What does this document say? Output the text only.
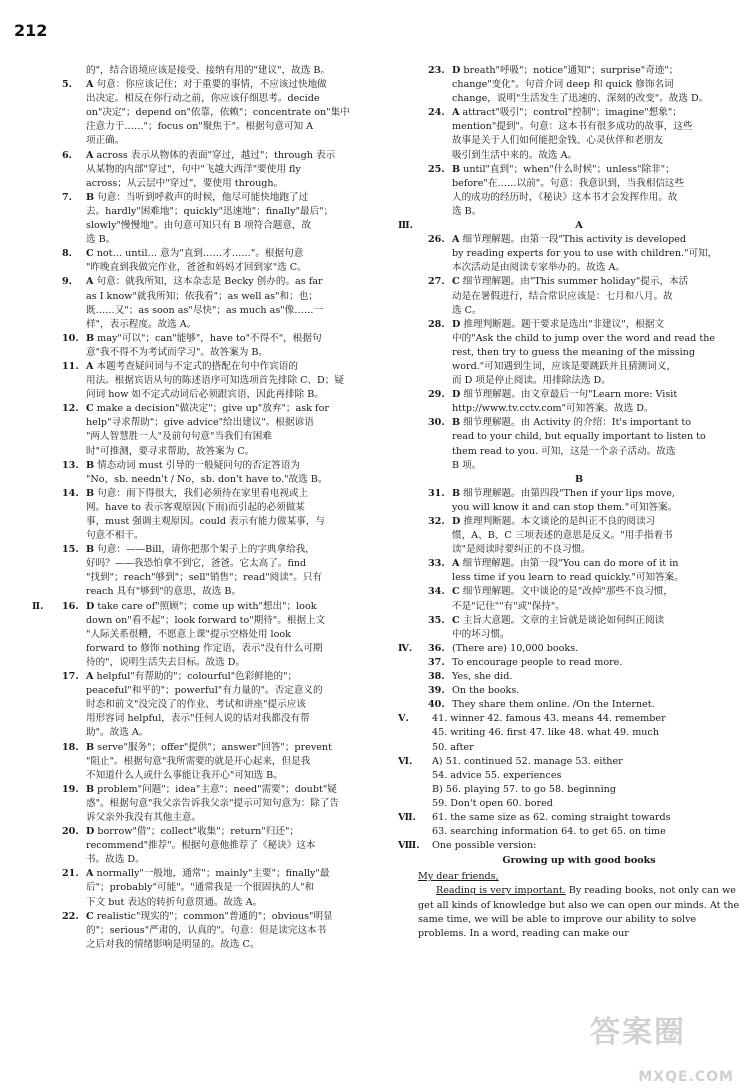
212
的"，结合语境应该是接受、接纳有用的"建议"，故选 B。
5. A 句意：你应该记住；对于重要的事情，不应该过快地做
出决定。相反在你行动之前，你应该仔细思考。decide
on"决定"；depend on"依靠，依赖"；concentrate on"集中
注意力于……"；focus on"聚焦于"。根据句意可知 A
项正确。
6. A across 表示从物体的表面"穿过，越过"；through 表示
从某物的内部"穿过"，句中"飞越大西洋"要使用 fly
across；从云层中"穿过"，要使用 through。
7. B 句意：当听到呼救声的时候，他尽可能快地跑了过
去。hardly"困难地"；quickly"迅速地"；finally"最后"；
slowly"慢慢地"。由句意可知只有 B 项符合题意，故
选 B。
8. C not… until… 意为"直到……才……"。根据句意
"昨晚直到我做完作业，爸爸和妈妈才回到家"选 C。
9. A 句意：就我所知，这本杂志是 Becky 创办的。as far
as I know"就我所知；依我看"；as well as"和；也；
既……又"；as soon as"尽快"；as much as"像……一
样"，表示程度。故选 A。
10. B may"可以"；can"能够"，have to"不得不"，根据句
意"我不得不为考试而学习"。故答案为 B。
11. A 本题考查疑问词与不定式的搭配在句中作宾语的
用法。根据宾语从句的陈述语序可知选项首先排除 C、D；疑
问词 how 如不定式动词后必须跟宾语，因此再排除 B。
12. C make a decision"做决定"；give up"放弃"；ask for
help"寻求帮助"；give advice"给出建议"。根据谚语
"两人智慧胜一人"及前句句意"当我们有困难
时"可推测，要寻求帮助，故答案为 C。
13. B 情态动词 must 引导的一般疑问句的否定答语为
"No，sb. needn't / No，sb. don't have to."故选 B。
14. B 句意：雨下得很大，我们必须待在家里看电视或上
网。have to 表示客观原因(下雨)而引起的必须做某
事，must 强调主观原因。could 表示有能力做某事，与
句意不相干。
15. B 句意：——Bill，请你把那个架子上的字典拿给我，
好吗？——我恐怕拿不到它，爸爸。它太高了。find
"找到"；reach"够到"；sell"销售"；read"阅读"。只有
reach 具有"够到"的意思，故选 B。
Ⅱ. 16. D take care of"照顾"；come up with"想出"；look
down on"看不起"；look forward to"期待"。根据上文
"人际关系很糟，不愿意上课"提示空格处用 look
forward to 修饰 nothing 作定语，表示"没有什么可期
待的"，说明生活失去目标。故选 D。
17. A helpful"有帮助的"；colourful"色彩鲜艳的"；
peaceful"和平的"；powerful"有力量的"。否定意义的
时态和前文"没完没了的作业、考试和讲座"提示应该
用形容词 helpful，表示"任何人说的话对我都没有帮
助"。故选 A。
18. B serve"服务"；offer"提供"；answer"回答"；prevent
"阻止"。根据句意"我所需要的就是开心起来，但是我
不知道什么人或什么事能让我开心"可知选 B。
19. B problem"问题"；idea"主意"；need"需要"；doubt"疑
惑"。根据句意"我父亲告诉我父亲"提示可知句意为：除了告
诉父亲外我没有其他主意。
20. D borrow"借"；collect"收集"；return"归还"；
recommend"推荐"。根据句意他推荐了《秘诀》这本
书。故选 D。
21. A normally"一般地，通常"；mainly"主要"；finally"最
后"；probably"可能"。"通常我是一个很固执的人"和
下文 but 表达的转折句意贯通。故选 A。
22. C realistic"现实的"；common"普通的"；obvious"明显
的"；serious"严肃的，认真的"。句意：但是读完这本书
之后对我的情绪影响是明显的。故选 C。
23. D breath"呼吸"；notice"通知"；surprise"奇迹"；
change"变化"。句首介词 deep 和 quick 修饰名词
change，说明"生活发生了迅速的、深刻的改变"。故选 D。
24. A attract"吸引"；control"控制"；imagine"想象"；
mention"提到"。句意：这本书有很多成功的故事，这些
故事是关于人们如何能把金钱、心灵伙伴和老朋友
吸引到生活中来的。故选 A。
25. B until"直到"；when"什么时候"；unless"除非"；
before"在……以前"。句意：我意识到，当我相信这些
人的成功的经历时，《秘诀》这本书才会发挥作用。故
选 B。
Ⅲ.	A
26. A 细节理解题。由第一段"This activity is developed
by reading experts for you to use with children."可知，
本次活动是由阅读专家举办的。故选 A。
27. C 细节理解题。由"This summer holiday"提示，本活
动是在暑假进行，结合常识应该是：七月和八月。故
选 C。
28. D 推理判断题。题干要求是选出"非建议"，根据文
中的"Ask the child to jump over the word and read the
rest, then try to guess the meaning of the missing
word."可知遇到生词，应该是要跳跃并且猜测词义，
而 D 项是停止阅读。用排除法选 D。
29. D 细节理解题。由文章最后一句"Learn more: Visit
http://www.tv.cctv.com"可知答案。故选 D。
30. B 细节理解题。由 Activity 的介绍：It's important to
read to your child, but equally important to listen to
them read to you. 可知，这是一个亲子活动。故选
B 项。
B
31. B 细节理解题。由第四段"Then if your lips move,
you will know it and can stop them."可知答案。
32. D 推理判断题。本文谈论的是纠正不良的阅读习
惯，A、B、C 三项表述的意思是反义。"用手指着书
读"是阅读时要纠正的不良习惯。
33. A 细节理解题。由第一段"You can do more of it in
less time if you learn to read quickly."可知答案。
34. C 细节理解题。文中谈论的是"改掉"那些不良习惯，
不是"记住""有"或"保持"。
35. C 主旨大意题。文章的主旨就是谈论如何纠正阅读
中的坏习惯。
Ⅳ. 36. (There are) 10,000 books.
37. To encourage people to read more.
38. Yes, she did.
39. On the books.
40. They share them online. /On the Internet.
Ⅴ. 41. winner 42. famous 43. means 44. remember
45. writing 46. first 47. like 48. what 49. much
50. after
Ⅵ. A) 51. continued 52. manage 53. either
54. advice 55. experiences
B) 56. playing 57. to go 58. beginning
59. Don't open 60. bored
Ⅶ. 61. the same size as 62. coming straight towards
63. searching information 64. to get 65. on time
Ⅷ. One possible version:
Growing up with good books
My dear friends,
Reading is very important. By reading books, not only can we get all kinds of knowledge but also we can open our minds. At the same time, we will be able to improve our ability to solve problems. In a word, reading can make our
答案圈
MXQE.COM
